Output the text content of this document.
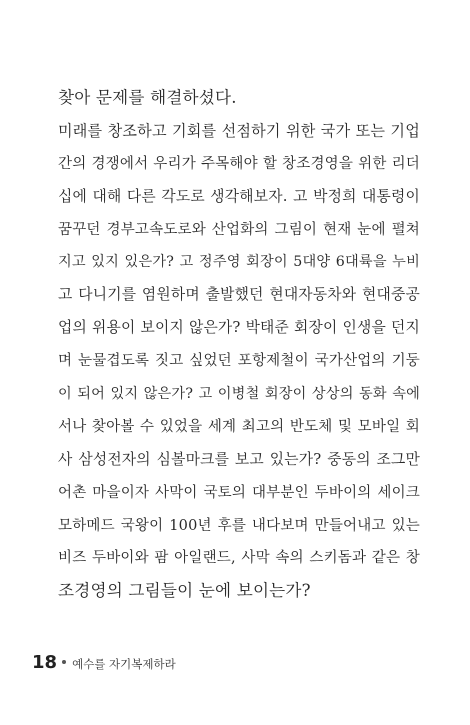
찾아 문제를 해결하셨다.
미래를 창조하고 기회를 선점하기 위한 국가 또는 기업
간의 경쟁에서 우리가 주목해야 할 창조경영을 위한 리더
십에 대해 다른 각도로 생각해보자. 고 박정희 대통령이
꿈꾸던 경부고속도로와 산업화의 그림이 현재 눈에 펼쳐
지고 있지 있은가? 고 정주영 회장이 5대양 6대륙을 누비
고 다니기를 염원하며 출발했던 현대자동차와 현대중공
업의 위용이 보이지 않은가? 박태준 회장이 인생을 던지
며 눈물겹도록 짓고 싶었던 포항제철이 국가산업의 기둥
이 되어 있지 않은가? 고 이병철 회장이 상상의 동화 속에
서나 찾아볼 수 있었을 세계 최고의 반도체 및 모바일 회
사 삼성전자의 심볼마크를 보고 있는가? 중동의 조그만
어촌 마을이자 사막이 국토의 대부분인 두바이의 세이크
모하메드 국왕이 100년 후를 내다보며 만들어내고 있는
비즈 두바이와 팜 아일랜드, 사막 속의 스키돔과 같은 창
조경영의 그림들이 눈에 보이는가?
18 예수를 자기복제하라
